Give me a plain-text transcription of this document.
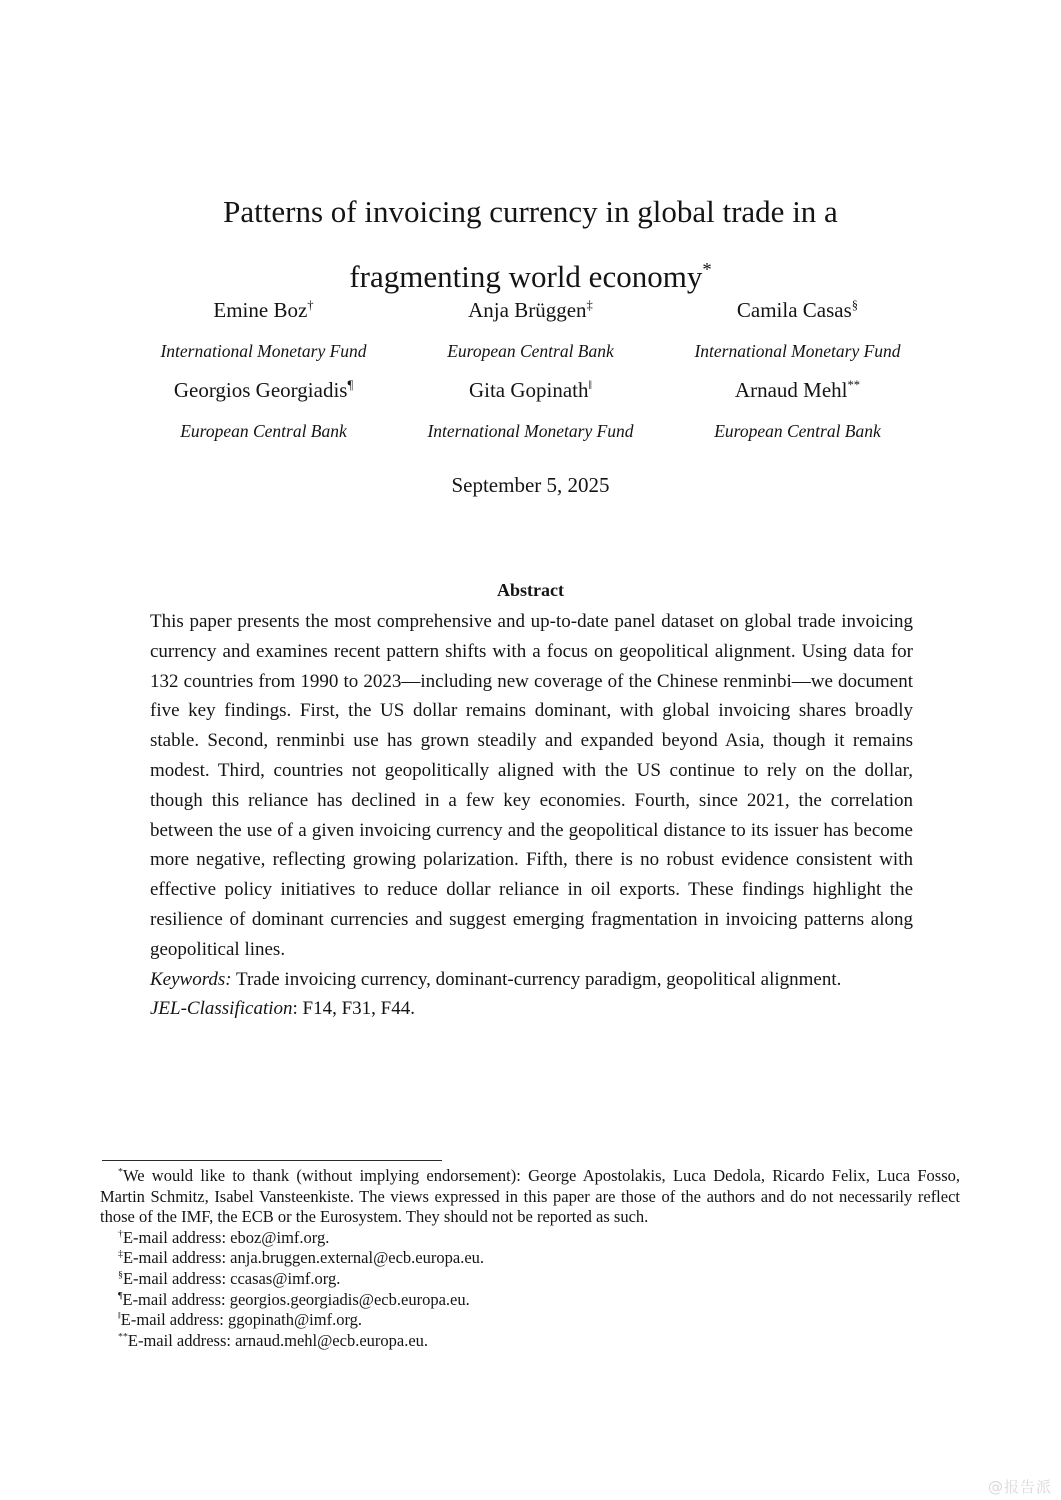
Patterns of invoicing currency in global trade in a
fragmenting world economy*

Emine Boz†

International Monetary Fund

Anja Brüggen‡

European Central Bank

Camila Casas§

International Monetary Fund

Georgios Georgiadis¶

European Central Bank

Gita Gopinath‖

International Monetary Fund

Arnaud Mehl**

European Central Bank

September 5, 2025
Abstract

This paper presents the most comprehensive and up-to-date panel dataset on global trade invoicing currency and examines recent pattern shifts with a focus on geopolitical alignment. Using data for 132 countries from 1990 to 2023—including new coverage of the Chinese renminbi—we document five key findings. First, the US dollar remains dominant, with global invoicing shares broadly stable. Second, renminbi use has grown steadily and expanded beyond Asia, though it remains modest. Third, countries not geopolitically aligned with the US continue to rely on the dollar, though this reliance has declined in a few key economies. Fourth, since 2021, the correlation between the use of a given invoicing currency and the geopolitical distance to its issuer has become more negative, reflecting growing polarization. Fifth, there is no robust evidence consistent with effective policy initiatives to reduce dollar reliance in oil exports. These findings highlight the resilience of dominant currencies and suggest emerging fragmentation in invoicing patterns along geopolitical lines.

Keywords: Trade invoicing currency, dominant-currency paradigm, geopolitical alignment.

JEL-Classification: F14, F31, F44.

*We would like to thank (without implying endorsement): George Apostolakis, Luca Dedola, Ricardo Felix, Luca Fosso, Martin Schmitz, Isabel Vansteenkiste. The views expressed in this paper are those of the authors and do not necessarily reflect those of the IMF, the ECB or the Eurosystem. They should not be reported as such.

†E-mail address: eboz@imf.org.

‡E-mail address: anja.bruggen.external@ecb.europa.eu.

§E-mail address: ccasas@imf.org.

¶E-mail address: georgios.georgiadis@ecb.europa.eu.

‖E-mail address: ggopinath@imf.org.

**E-mail address: arnaud.mehl@ecb.europa.eu.

@报告派
